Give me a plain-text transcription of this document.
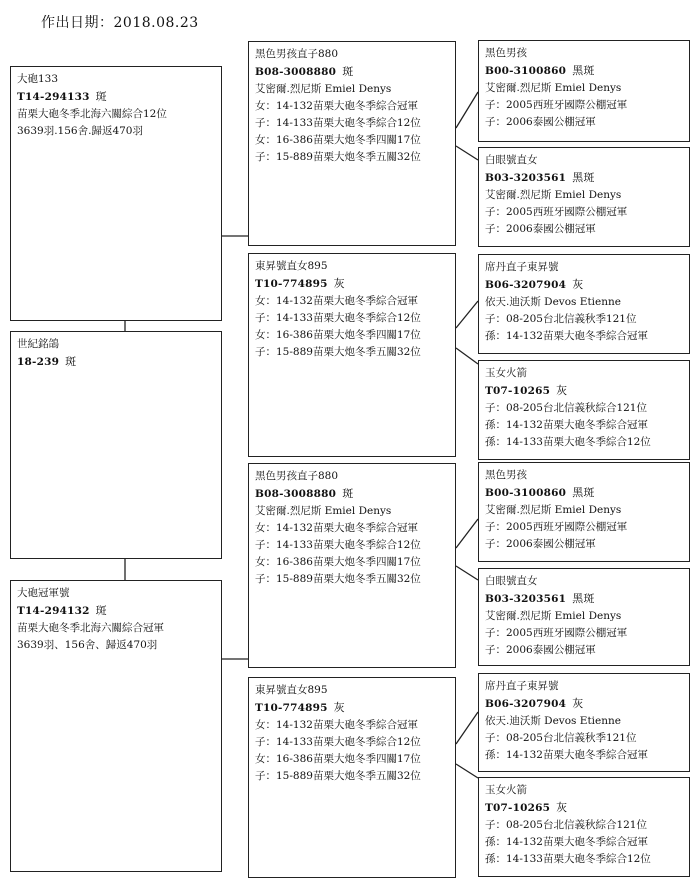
作出日期：2018.08.23
大砲133
T14-294133 斑
苗栗大砲冬季北海六關綜合12位
3639羽.156舍.歸返470羽
世紀銘鴿
18-239 斑
大砲冠軍號
T14-294132 斑
苗栗大砲冬季北海六關綜合冠軍
3639羽、156舍、歸返470羽
黑色男孩直子880
B08-3008880 斑
艾密爾.烈尼斯 Emiel Denys
女：14-132苗栗大砲冬季綜合冠軍
子：14-133苗栗大砲冬季綜合12位
女：16-386苗栗大炮冬季四關17位
子：15-889苗栗大炮冬季五關32位
東昇號直女895
T10-774895 灰
女：14-132苗栗大砲冬季綜合冠軍
子：14-133苗栗大砲冬季綜合12位
女：16-386苗栗大炮冬季四關17位
子：15-889苗栗大炮冬季五關32位
黑色男孩直子880
B08-3008880 斑
艾密爾.烈尼斯 Emiel Denys
女：14-132苗栗大砲冬季綜合冠軍
子：14-133苗栗大砲冬季綜合12位
女：16-386苗栗大炮冬季四關17位
子：15-889苗栗大炮冬季五關32位
東昇號直女895
T10-774895 灰
女：14-132苗栗大砲冬季綜合冠軍
子：14-133苗栗大砲冬季綜合12位
女：16-386苗栗大炮冬季四關17位
子：15-889苗栗大炮冬季五關32位
黑色男孩
B00-3100860 黑斑
艾密爾.烈尼斯 Emiel Denys
子：2005西班牙國際公棚冠軍
子：2006泰國公棚冠軍
白眼號直女
B03-3203561 黑斑
艾密爾.烈尼斯 Emiel Denys
子：2005西班牙國際公棚冠軍
子：2006泰國公棚冠軍
席丹直子東昇號
B06-3207904 灰
依天.迪沃斯 Devos Etienne
子：08-205台北信義秋季121位
孫：14-132苗栗大砲冬季綜合冠軍
玉女火箭
T07-10265 灰
子：08-205台北信義秋綜合121位
孫：14-132苗栗大砲冬季綜合冠軍
孫：14-133苗栗大砲冬季綜合12位
黑色男孩
B00-3100860 黑斑
艾密爾.烈尼斯 Emiel Denys
子：2005西班牙國際公棚冠軍
子：2006泰國公棚冠軍
白眼號直女
B03-3203561 黑斑
艾密爾.烈尼斯 Emiel Denys
子：2005西班牙國際公棚冠軍
子：2006泰國公棚冠軍
席丹直子東昇號
B06-3207904 灰
依天.迪沃斯 Devos Etienne
子：08-205台北信義秋季121位
孫：14-132苗栗大砲冬季綜合冠軍
玉女火箭
T07-10265 灰
子：08-205台北信義秋綜合121位
孫：14-132苗栗大砲冬季綜合冠軍
孫：14-133苗栗大砲冬季綜合12位
